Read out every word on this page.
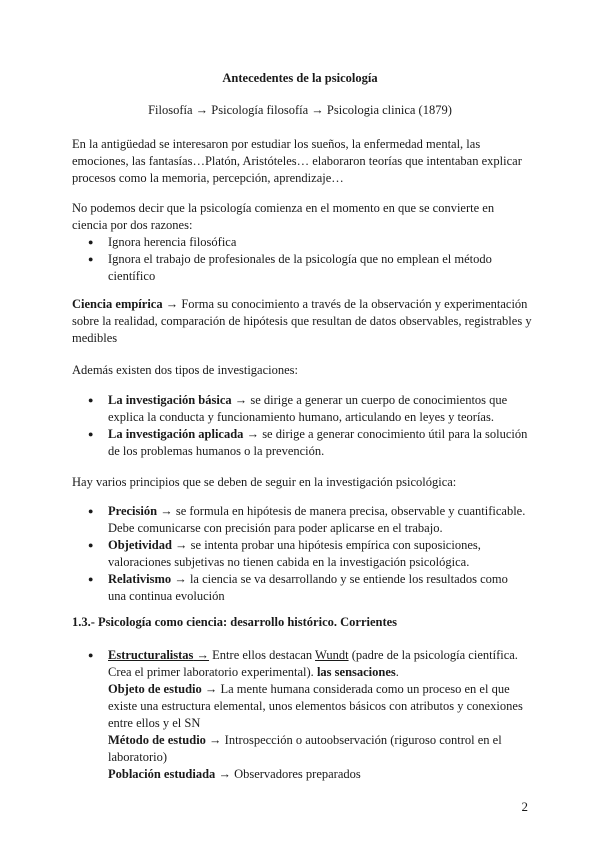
Antecedentes de la psicología
Filosofía → Psicología filosofía → Psicologia clinica (1879)

En la antigüedad se interesaron por estudiar los sueños, la enfermedad mental, las emociones, las fantasías…Platón, Aristóteles… elaboraron teorías que intentaban explicar procesos como la memoria, percepción, aprendizaje…

No podemos decir que la psicología comienza en el momento en que se convierte en ciencia por dos razones:

● Ignora herencia filosófica
● Ignora el trabajo de profesionales de la psicología que no emplean el método científico

Ciencia empírica → Forma su conocimiento a través de la observación y experimentación sobre la realidad, comparación de hipótesis que resultan de datos observables, registrables y medibles

Además existen dos tipos de investigaciones:

● La investigación básica → se dirige a generar un cuerpo de conocimientos que explica la conducta y funcionamiento humano, articulando en leyes y teorías.
● La investigación aplicada → se dirige a generar conocimiento útil para la solución de los problemas humanos o la prevención.

Hay varios principios que se deben de seguir en la investigación psicológica:

● Precisión → se formula en hipótesis de manera precisa, observable y cuantificable. Debe comunicarse con precisión para poder aplicarse en el trabajo.
● Objetividad → se intenta probar una hipótesis empírica con suposiciones, valoraciones subjetivas no tienen cabida en la investigación psicológica.
● Relativismo → la ciencia se va desarrollando y se entiende los resultados como una continua evolución
1.3.- Psicología como ciencia: desarrollo histórico. Corrientes
● Estructuralistas → Entre ellos destacan Wundt (padre de la psicología científica. Crea el primer laboratorio experimental). las sensaciones.
Objeto de estudio → La mente humana considerada como un proceso en el que existe una estructura elemental, unos elementos básicos con atributos y conexiones entre ellos y el SN
Método de estudio → Introspección o autoobservación (riguroso control en el laboratorio)
Población estudiada → Observadores preparados
2
